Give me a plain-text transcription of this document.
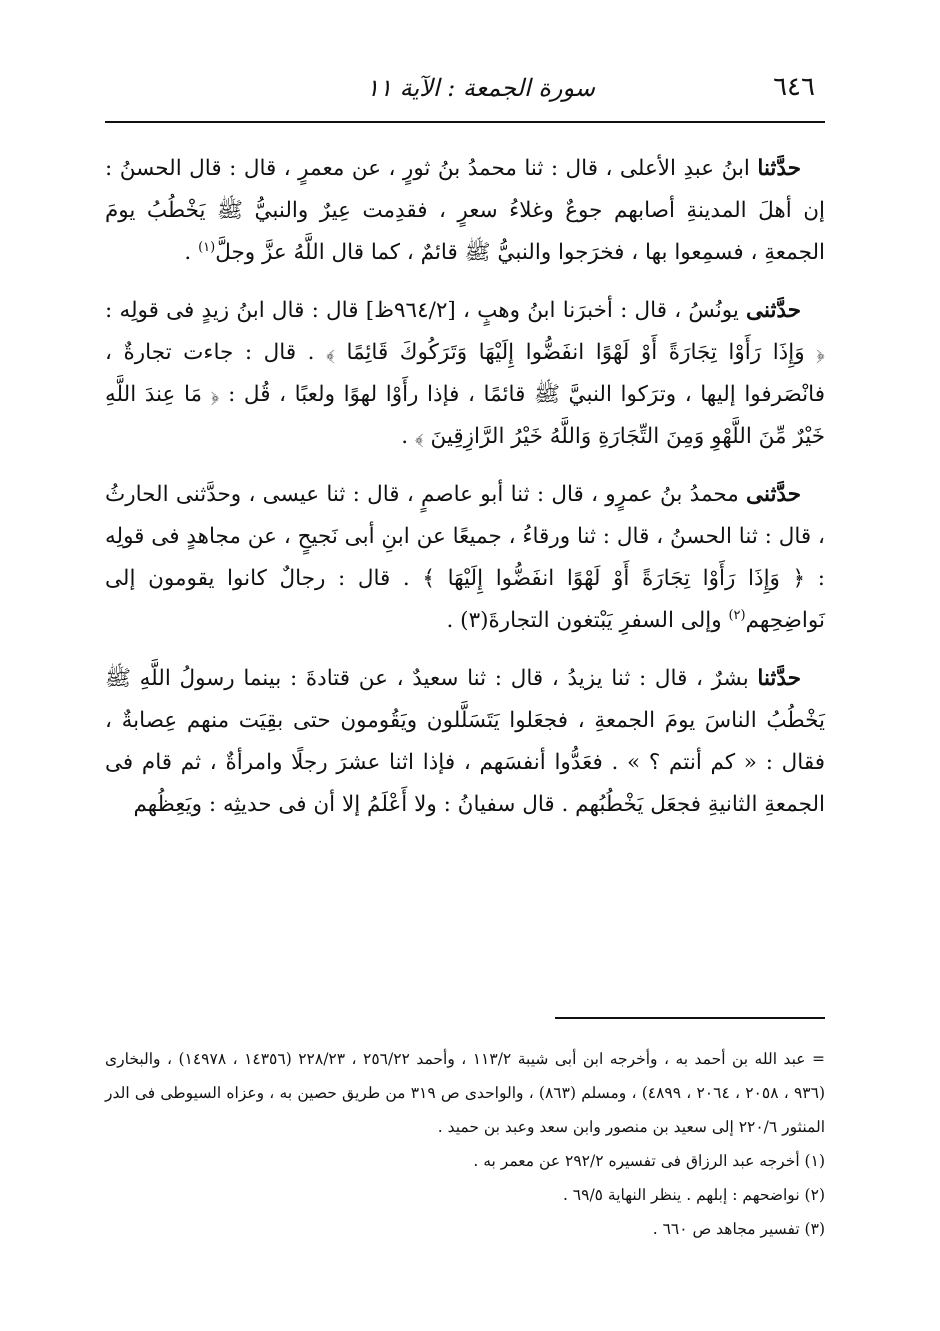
٦٤٦
سورة الجمعة : الآية ١١

حدَّثنا ابنُ عبدِ الأعلى ، قال : ثنا محمدُ بنُ ثورٍ ، عن معمرٍ ، قال : قال الحسنُ : إن أهلَ المدينةِ أصابهم جوعٌ وغلاءُ سعرٍ ، فقدِمت عِيرٌ والنبيُّ ﷺ يَخْطُبُ يومَ الجمعةِ ، فسمِعوا بها ، فخرَجوا والنبيُّ ﷺ قائمٌ ، كما قال اللَّهُ عزَّ وجلَّ$^{(١)}$ .

حدَّثنى يونُسُ ، قال : أخبرَنا ابنُ وهبٍ ، [٩٦٤/٢ظ] قال : قال ابنُ زيدٍ فى قولِه : ﴿ وَإِذَا رَأَوْا تِجَارَةً أَوْ لَهْوًا انفَضُّوا إِلَيْهَا وَتَرَكُوكَ قَائِمًا ﴾ . قال : جاءت تجارةٌ ، فانْصَرفوا إليها ، وترَكوا النبيَّ ﷺ قائمًا ، فإذا رأَوْا لهوًا ولعبًا ، قُل : ﴿ مَا عِندَ اللَّهِ خَيْرٌ مِّنَ اللَّهْوِ وَمِنَ التِّجَارَةِ وَاللَّهُ خَيْرُ الرَّازِقِينَ ﴾ .

حدَّثنى محمدُ بنُ عمرٍو ، قال : ثنا أبو عاصمٍ ، قال : ثنا عيسى ، وحدَّثنى الحارثُ ، قال : ثنا الحسنُ ، قال : ثنا ورقاءُ ، جميعًا عن ابنِ أبى نَجيحٍ ، عن مجاهدٍ فى قولِه : ﴿ وَإِذَا رَأَوْا تِجَارَةً أَوْ لَهْوًا انفَضُّوا إِلَيْهَا ﴾ . قال : رجالٌ كانوا يقومون إلى نَواضِحِهم$^{(٢)}$ وإلى السفرِ يَبْتغون التجارةَ(٣) .

حدَّثنا بشرٌ ، قال : ثنا يزيدُ ، قال : ثنا سعيدٌ ، عن قتادةَ : بينما رسولُ اللَّهِ ﷺ يَخْطُبُ الناسَ يومَ الجمعةِ ، فجعَلوا يَتَسَلَّلون ويَقُومون حتى بقِيَت منهم عِصابةٌ ، فقال : « كم أنتم ؟ » . فعَدُّوا أنفسَهم ، فإذا اثنا عشرَ رجلًا وامرأةٌ ، ثم قام فى الجمعةِ الثانيةِ فجعَل يَخْطُبُهم . قال سفيانُ : ولا أَعْلَمُ إلا أن فى حديثِه : ويَعِظُهم

= عبد الله بن أحمد به ، وأخرجه ابن أبى شيبة ١١٣/٢ ، وأحمد ٢٥٦/٢٢ ، ٢٢٨/٢٣ (١٤٣٥٦ ، ١٤٩٧٨) ، والبخارى (٩٣٦ ، ٢٠٥٨ ، ٢٠٦٤ ، ٤٨٩٩) ، ومسلم (٨٦٣) ، والواحدى ص ٣١٩ من طريق حصين به ، وعزاه السيوطى فى الدر المنثور ٢٢٠/٦ إلى سعيد بن منصور وابن سعد وعبد بن حميد .

(١) أخرجه عبد الرزاق فى تفسيره ٢٩٢/٢ عن معمر به .

(٢) نواضحهم : إبلهم . ينظر النهاية ٦٩/٥ .

(٣) تفسير مجاهد ص ٦٦٠ .
